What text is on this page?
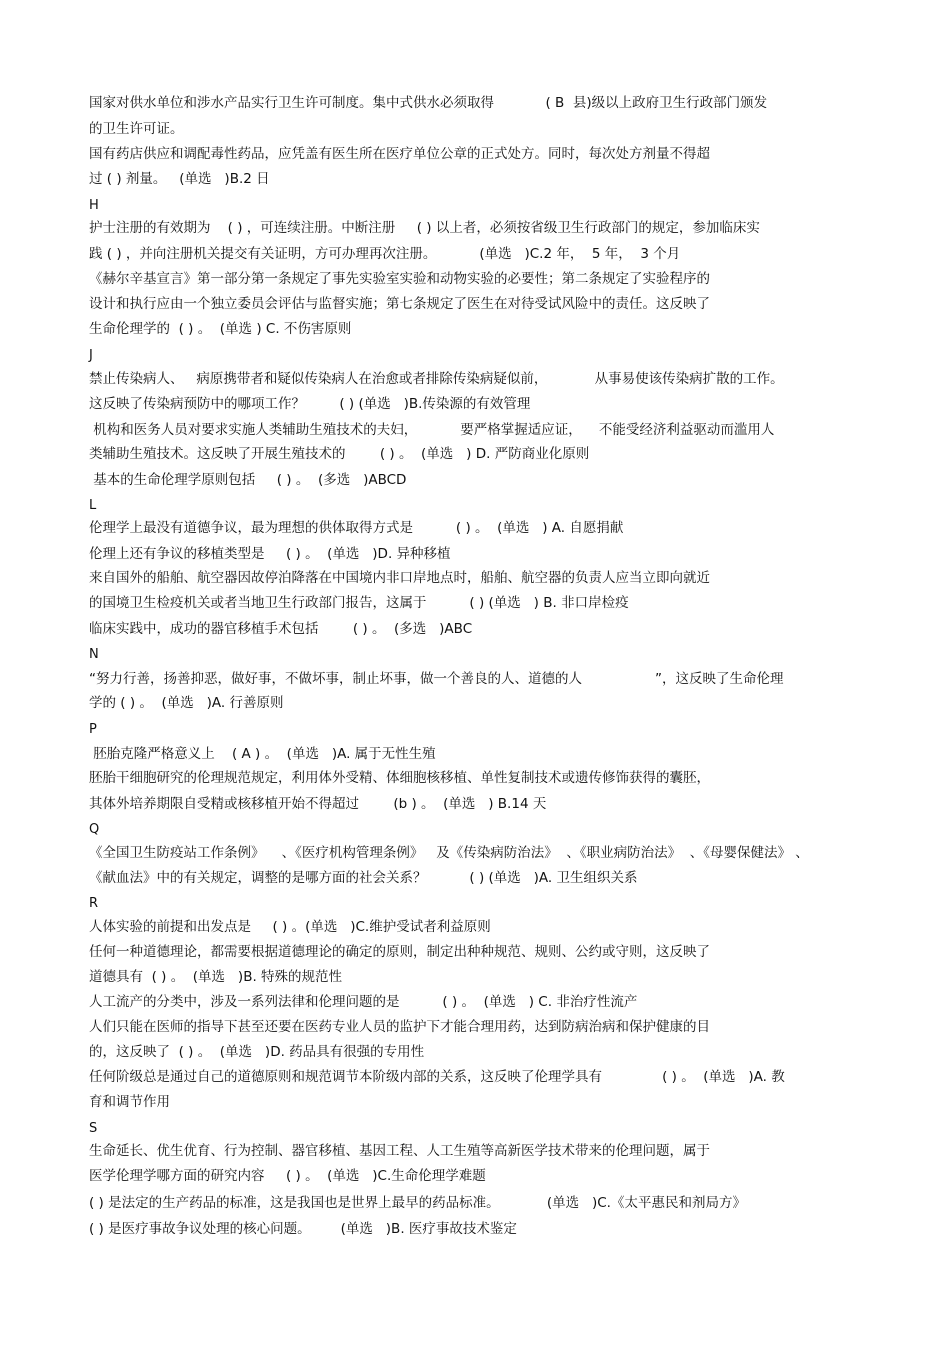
国家对供水单位和涉水产品实行卫生许可制度。集中式供水必须取得            ( B  县)级以上政府卫生行政部门颁发
的卫生许可证。
国有药店供应和调配毒性药品，应凭盖有医生所在医疗单位公章的正式处方。同时，每次处方剂量不得超
过 ( ) 剂量。   (单选   )B.2 日
H
护士注册的有效期为    ( ) ，可连续注册。中断注册     ( ) 以上者，必须按省级卫生行政部门的规定，参加临床实
践 ( ) ，并向注册机关提交有关证明，方可办理再次注册。          (单选   )C.2 年，  5 年，  3 个月
《赫尔辛基宣言》第一部分第一条规定了事先实验室实验和动物实验的必要性；第二条规定了实验程序的
设计和执行应由一个独立委员会评估与监督实施；第七条规定了医生在对待受试风险中的责任。这反映了
生命伦理学的  ( ) 。  (单选 ) C. 不伤害原则
J
禁止传染病人、   病原携带者和疑似传染病人在治愈或者排除传染病疑似前，           从事易使该传染病扩散的工作。
这反映了传染病预防中的哪项工作？        ( ) (单选   )B.传染源的有效管理
机构和医务人员对要求实施人类辅助生殖技术的夫妇，          要严格掌握适应证，    不能受经济利益驱动而滥用人
类辅助生殖技术。这反映了开展生殖技术的        ( ) 。  (单选   ) D. 严防商业化原则
基本的生命伦理学原则包括     ( ) 。  (多选   )ABCD
L
伦理学上最没有道德争议，最为理想的供体取得方式是          ( ) 。  (单选   ) A. 自愿捐献
伦理上还有争议的移植类型是     ( ) 。  (单选   )D. 异种移植
来自国外的船舶、航空器因故停泊降落在中国境内非口岸地点时，船舶、航空器的负责人应当立即向就近
的国境卫生检疫机关或者当地卫生行政部门报告，这属于          ( ) (单选   ) B. 非口岸检疫
临床实践中，成功的器官移植手术包括        ( ) 。  (多选   )ABC
N
“努力行善，扬善抑恶，做好事，不做坏事，制止坏事，做一个善良的人、道德的人                 ”，这反映了生命伦理
学的 ( ) 。  (单选   )A. 行善原则
P
胚胎克隆严格意义上    ( A ) 。  (单选   )A. 属于无性生殖
胚胎干细胞研究的伦理规范规定，利用体外受精、体细胞核移植、单性复制技术或遗传修饰获得的囊胚，
其体外培养期限自受精或核移植开始不得超过        (b ) 。  (单选   ) B.14 天
Q
《全国卫生防疫站工作条例》    、《医疗机构管理条例》   及《传染病防治法》  、《职业病防治法》  、《母婴保健法》 、
《献血法》中的有关规定，调整的是哪方面的社会关系？          ( ) (单选   )A. 卫生组织关系
R
人体实验的前提和出发点是     ( ) 。(单选   )C.维护受试者利益原则
任何一种道德理论，都需要根据道德理论的确定的原则，制定出种种规范、规则、公约或守则，这反映了
道德具有  ( ) 。  (单选   )B. 特殊的规范性
人工流产的分类中，涉及一系列法律和伦理问题的是          ( ) 。  (单选   ) C. 非治疗性流产
人们只能在医师的指导下甚至还要在医药专业人员的监护下才能合理用药，达到防病治病和保护健康的目
的，这反映了  ( ) 。  (单选   )D. 药品具有很强的专用性
任何阶级总是通过自己的道德原则和规范调节本阶级内部的关系，这反映了伦理学具有              ( ) 。  (单选   )A. 教
育和调节作用
S
生命延长、优生优育、行为控制、器官移植、基因工程、人工生殖等高新医学技术带来的伦理问题，属于
医学伦理学哪方面的研究内容     ( ) 。  (单选   )C.生命伦理学难题
( ) 是法定的生产药品的标准，这是我国也是世界上最早的药品标准。           (单选   )C.《太平惠民和剂局方》
( ) 是医疗事故争议处理的核心问题。       (单选   )B. 医疗事故技术鉴定
